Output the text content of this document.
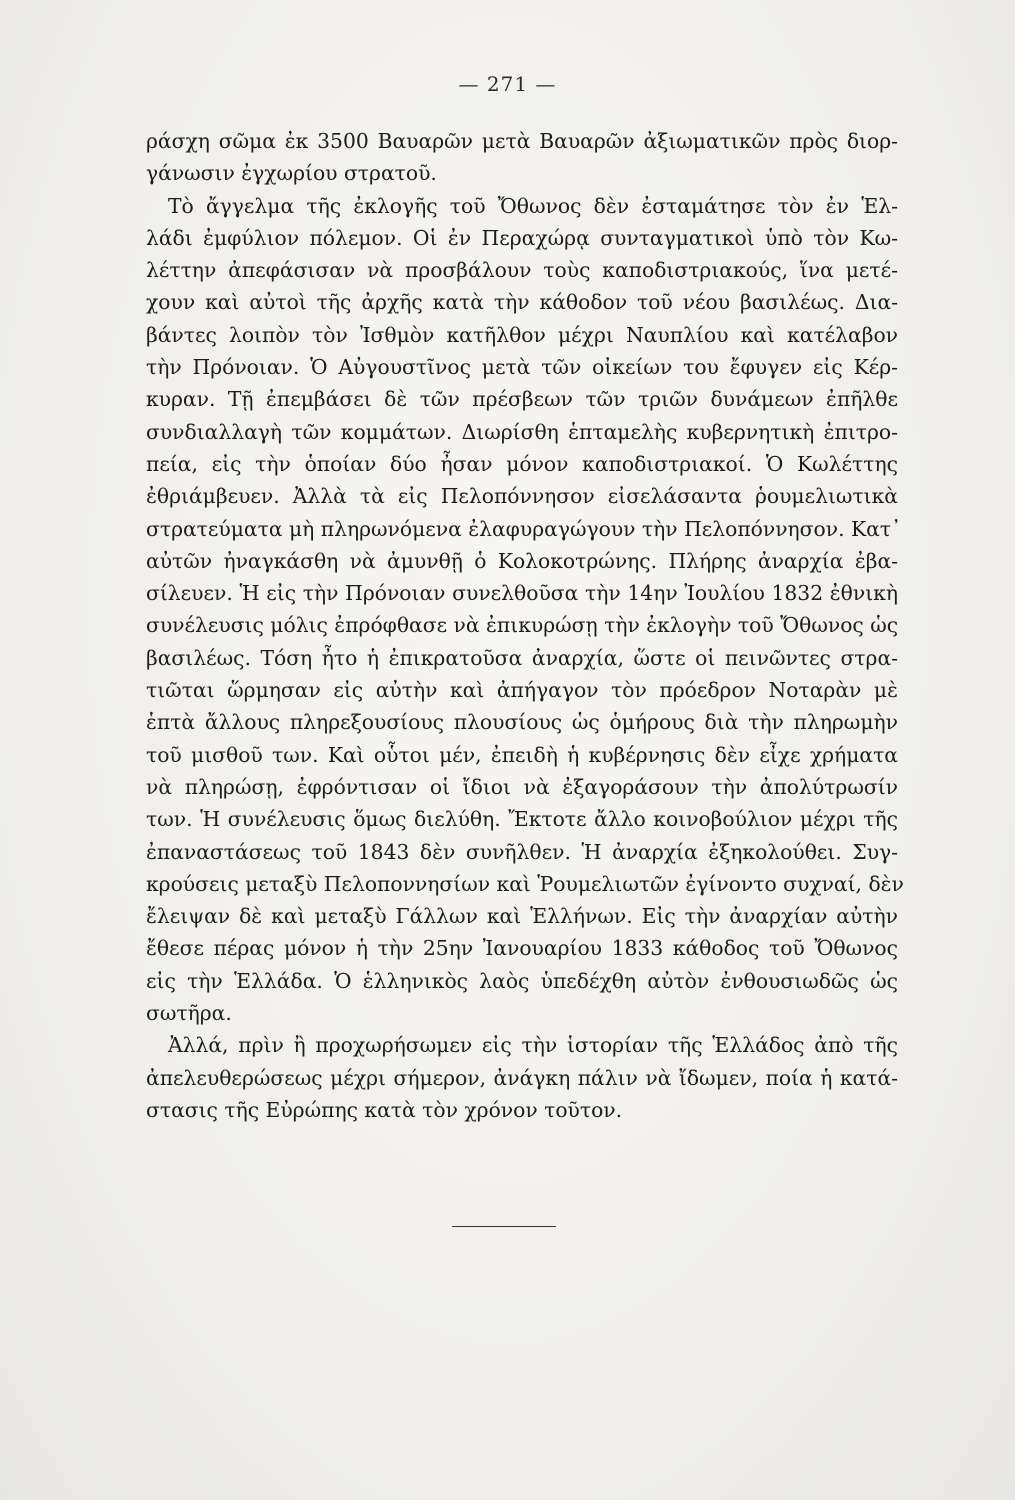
— 271 —

ράσχη σῶμα ἐκ 3500 Βαυαρῶν μετὰ Βαυαρῶν ἀξιωματικῶν πρὸς διορ-
γάνωσιν ἐγχωρίου στρατοῦ.

Τὸ ἄγγελμα τῆς ἐκλογῆς τοῦ Ὄθωνος δὲν ἐσταμάτησε τὸν ἐν Ἑλ-
λάδι ἐμφύλιον πόλεμον. Οἱ ἐν Περαχώρᾳ συνταγματικοὶ ὑπὸ τὸν Κω-
λέττην ἀπεφάσισαν νὰ προσβάλουν τοὺς καποδιστριακούς, ἵνα μετέ-
χουν καὶ αὐτοὶ τῆς ἀρχῆς κατὰ τὴν κάθοδον τοῦ νέου βασιλέως. Δια-
βάντες λοιπὸν τὸν Ἰσθμὸν κατῆλθον μέχρι Ναυπλίου καὶ κατέλαβον
τὴν Πρόνοιαν. Ὁ Αὐγουστῖνος μετὰ τῶν οἰκείων του ἔφυγεν εἰς Κέρ-
κυραν. Τῇ ἐπεμβάσει δὲ τῶν πρέσβεων τῶν τριῶν δυνάμεων ἐπῆλθε
συνδιαλλαγὴ τῶν κομμάτων. Διωρίσθη ἑπταμελὴς κυβερνητικὴ ἐπιτρο-
πεία, εἰς τὴν ὁποίαν δύο ἦσαν μόνον καποδιστριακοί. Ὁ Κωλέττης
ἐθριάμβευεν. Ἀλλὰ τὰ εἰς Πελοπόννησον εἰσελάσαντα ῥουμελιωτικὰ
στρατεύματα μὴ πληρωνόμενα ἐλαφυραγώγουν τὴν Πελοπόννησον. Κατ᾽
αὐτῶν ἠναγκάσθη νὰ ἀμυνθῇ ὁ Κολοκοτρώνης. Πλήρης ἀναρχία ἐβα-
σίλευεν. Ἡ εἰς τὴν Πρόνοιαν συνελθοῦσα τὴν 14ην Ἰουλίου 1832 ἐθνικὴ
συνέλευσις μόλις ἐπρόφθασε νὰ ἐπικυρώσῃ τὴν ἐκλογὴν τοῦ Ὄθωνος ὡς
βασιλέως. Τόση ἦτο ἡ ἐπικρατοῦσα ἀναρχία, ὥστε οἱ πεινῶντες στρα-
τιῶται ὥρμησαν εἰς αὐτὴν καὶ ἀπήγαγον τὸν πρόεδρον Νοταρὰν μὲ
ἑπτὰ ἄλλους πληρεξουσίους πλουσίους ὡς ὁμήρους διὰ τὴν πληρωμὴν
τοῦ μισθοῦ των. Καὶ οὗτοι μέν, ἐπειδὴ ἡ κυβέρνησις δὲν εἶχε χρήματα
νὰ πληρώσῃ, ἐφρόντισαν οἱ ἴδιοι νὰ ἐξαγοράσουν τὴν ἀπολύτρωσίν
των. Ἡ συνέλευσις ὅμως διελύθη. Ἔκτοτε ἄλλο κοινοβούλιον μέχρι τῆς
ἐπαναστάσεως τοῦ 1843 δὲν συνῆλθεν. Ἡ ἀναρχία ἐξηκολούθει. Συγ-
κρούσεις μεταξὺ Πελοποννησίων καὶ Ῥουμελιωτῶν ἐγίνοντο συχναί, δὲν
ἔλειψαν δὲ καὶ μεταξὺ Γάλλων καὶ Ἑλλήνων. Εἰς τὴν ἀναρχίαν αὐτὴν
ἔθεσε πέρας μόνον ἡ τὴν 25ην Ἰανουαρίου 1833 κάθοδος τοῦ Ὄθωνος
εἰς τὴν Ἑλλάδα. Ὁ ἑλληνικὸς λαὸς ὑπεδέχθη αὐτὸν ἐνθουσιωδῶς ὡς
σωτῆρα.

Ἀλλά, πρὶν ἢ προχωρήσωμεν εἰς τὴν ἱστορίαν τῆς Ἑλλάδος ἀπὸ τῆς
ἀπελευθερώσεως μέχρι σήμερον, ἀνάγκη πάλιν νὰ ἴδωμεν, ποία ἡ κατά-
στασις τῆς Εὐρώπης κατὰ τὸν χρόνον τοῦτον.
